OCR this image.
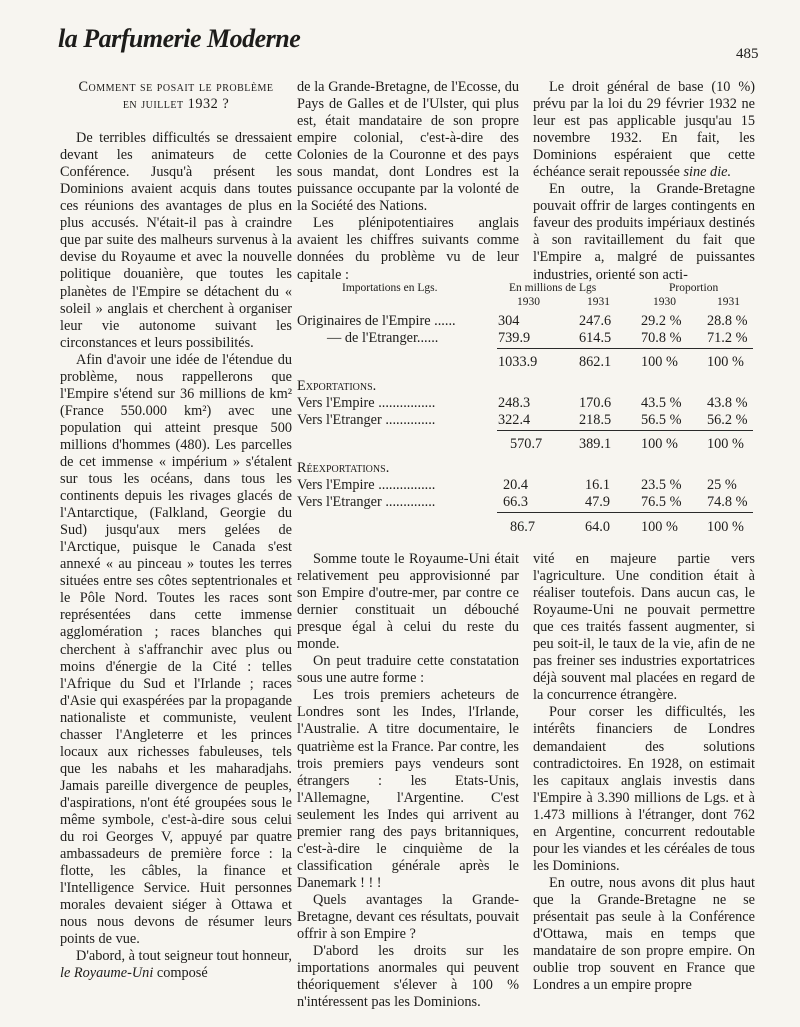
la Parfumerie Moderne
485

Comment se posait le problème

en juillet 1932 ?

De terribles difficultés se dressaient devant les animateurs de cette Conférence. Jusqu'à présent les Dominions avaient acquis dans toutes ces réunions des avantages de plus en plus accusés. N'était-il pas à craindre que par suite des malheurs survenus à la devise du Royaume et avec la nouvelle politique douanière, que toutes les planètes de l'Empire se détachent du « soleil » anglais et cherchent à organiser leur vie autonome suivant les circonstances et leurs possibilités.

Afin d'avoir une idée de l'étendue du problème, nous rappellerons que l'Empire s'étend sur 36 millions de km² (France 550.000 km²) avec une population qui atteint presque 500 millions d'hommes (480). Les parcelles de cet immense « impérium » s'étalent sur tous les océans, dans tous les continents depuis les rivages glacés de l'Antarctique, (Falkland, Georgie du Sud) jusqu'aux mers gelées de l'Arctique, puisque le Canada s'est annexé « au pinceau » toutes les terres situées entre ses côtes septentrionales et le Pôle Nord. Toutes les races sont représentées dans cette immense agglomération ; races blanches qui cherchent à s'affranchir avec plus ou moins d'énergie de la Cité : telles l'Afrique du Sud et l'Irlande ; races d'Asie qui exaspérées par la propagande nationaliste et communiste, veulent chasser l'Angleterre et les princes locaux aux richesses fabuleuses, tels que les nabahs et les maharadjahs. Jamais pareille divergence de peuples, d'aspirations, n'ont été groupées sous le même symbole, c'est-à-dire sous celui du roi Georges V, appuyé par quatre ambassadeurs de première force : la flotte, les câbles, la finance et l'Intelligence Service. Huit personnes morales devaient siéger à Ottawa et nous nous devons de résumer leurs points de vue.

D'abord, à tout seigneur tout honneur, le Royaume-Uni composé

de la Grande-Bretagne, de l'Ecosse, du Pays de Galles et de l'Ulster, qui plus est, était mandataire de son propre empire colonial, c'est-à-dire des Colonies de la Couronne et des pays sous mandat, dont Londres est la puissance occupante par la volonté de la Société des Nations.

Les plénipotentiaires anglais avaient les chiffres suivants comme données du problème vu de leur capitale :

Le droit général de base (10 %) prévu par la loi du 29 février 1932 ne leur est pas applicable jusqu'au 15 novembre 1932. En fait, les Dominions espéraient que cette échéance serait repoussée sine die.

En outre, la Grande-Bretagne pouvait offrir de larges contingents en faveur des produits impériaux destinés à son ravitaillement du fait que l'Empire a, malgré de puissantes industries, orienté son acti-

Importations en Lgs.	En millions de Lgs	Proportion
1930	1931	1930	1931
Originaires de l'Empire ......	304	247.6 29.2 % 28.8 %
— de l'Etranger......	739.9	614.5 70.8 % 71.2 %
1033.9	862.1 100 % 100 %
Exportations.
Vers l'Empire ................	248.3	170.6 43.5 % 43.8 %
Vers l'Etranger ..............	322.4	218.5 56.5 % 56.2 %
570.7	389.1 100 % 100 %
Réexportations.
Vers l'Empire ................	20.4	16.1 23.5 % 25 %
Vers l'Etranger ..............	66.3	47.9 76.5 % 74.8 %
86.7	64.0 100 % 100 %

Somme toute le Royaume-Uni était relativement peu approvisionné par son Empire d'outre-mer, par contre ce dernier constituait un débouché presque égal à celui du reste du monde.

On peut traduire cette constatation sous une autre forme :

Les trois premiers acheteurs de Londres sont les Indes, l'Irlande, l'Australie. A titre documentaire, le quatrième est la France. Par contre, les trois premiers pays vendeurs sont étrangers : les Etats-Unis, l'Allemagne, l'Argentine. C'est seulement les Indes qui arrivent au premier rang des pays britanniques, c'est-à-dire le cinquième de la classification générale après le Danemark ! ! !

Quels avantages la Grande-Bretagne, devant ces résultats, pouvait offrir à son Empire ?

D'abord les droits sur les importations anormales qui peuvent théoriquement s'élever à 100 % n'intéressent pas les Dominions.

vité en majeure partie vers l'agriculture. Une condition était à réaliser toutefois. Dans aucun cas, le Royaume-Uni ne pouvait permettre que ces traités fassent augmenter, si peu soit-il, le taux de la vie, afin de ne pas freiner ses industries exportatrices déjà souvent mal placées en regard de la concurrence étrangère.

Pour corser les difficultés, les intérêts financiers de Londres demandaient des solutions contradictoires. En 1928, on estimait les capitaux anglais investis dans l'Empire à 3.390 millions de Lgs. et à 1.473 millions à l'étranger, dont 762 en Argentine, concurrent redoutable pour les viandes et les céréales de tous les Dominions.

En outre, nous avons dit plus haut que la Grande-Bretagne ne se présentait pas seule à la Conférence d'Ottawa, mais en temps que mandataire de son propre empire. On oublie trop souvent en France que Londres a un empire propre
